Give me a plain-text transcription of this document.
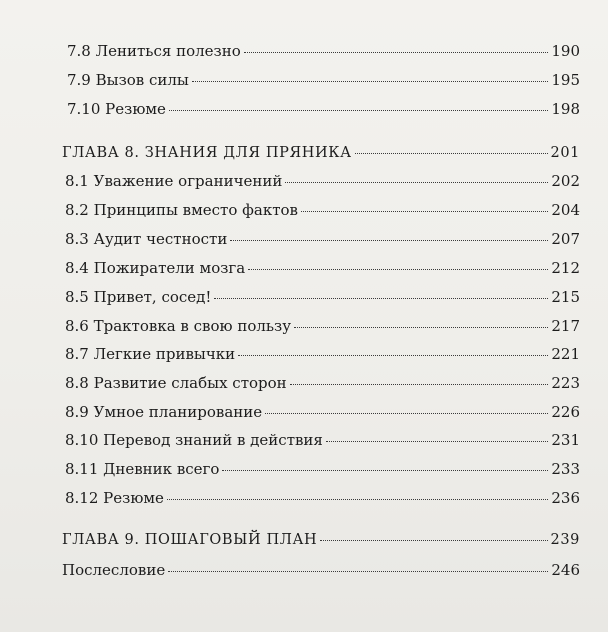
7.8 Лениться полезно	190
7.9 Вызов силы	195
7.10 Резюме	198
ГЛАВА 8. ЗНАНИЯ ДЛЯ ПРЯНИКА	201
8.1 Уважение ограничений	202
8.2 Принципы вместо фактов	204
8.3 Аудит честности	207
8.4 Пожиратели мозга	212
8.5 Привет, сосед!	215
8.6 Трактовка в свою пользу	217
8.7 Легкие привычки	221
8.8 Развитие слабых сторон	223
8.9 Умное планирование	226
8.10 Перевод знаний в действия	231
8.11 Дневник всего	233
8.12 Резюме	236
ГЛАВА 9. ПОШАГОВЫЙ ПЛАН	239
Послесловие	246
